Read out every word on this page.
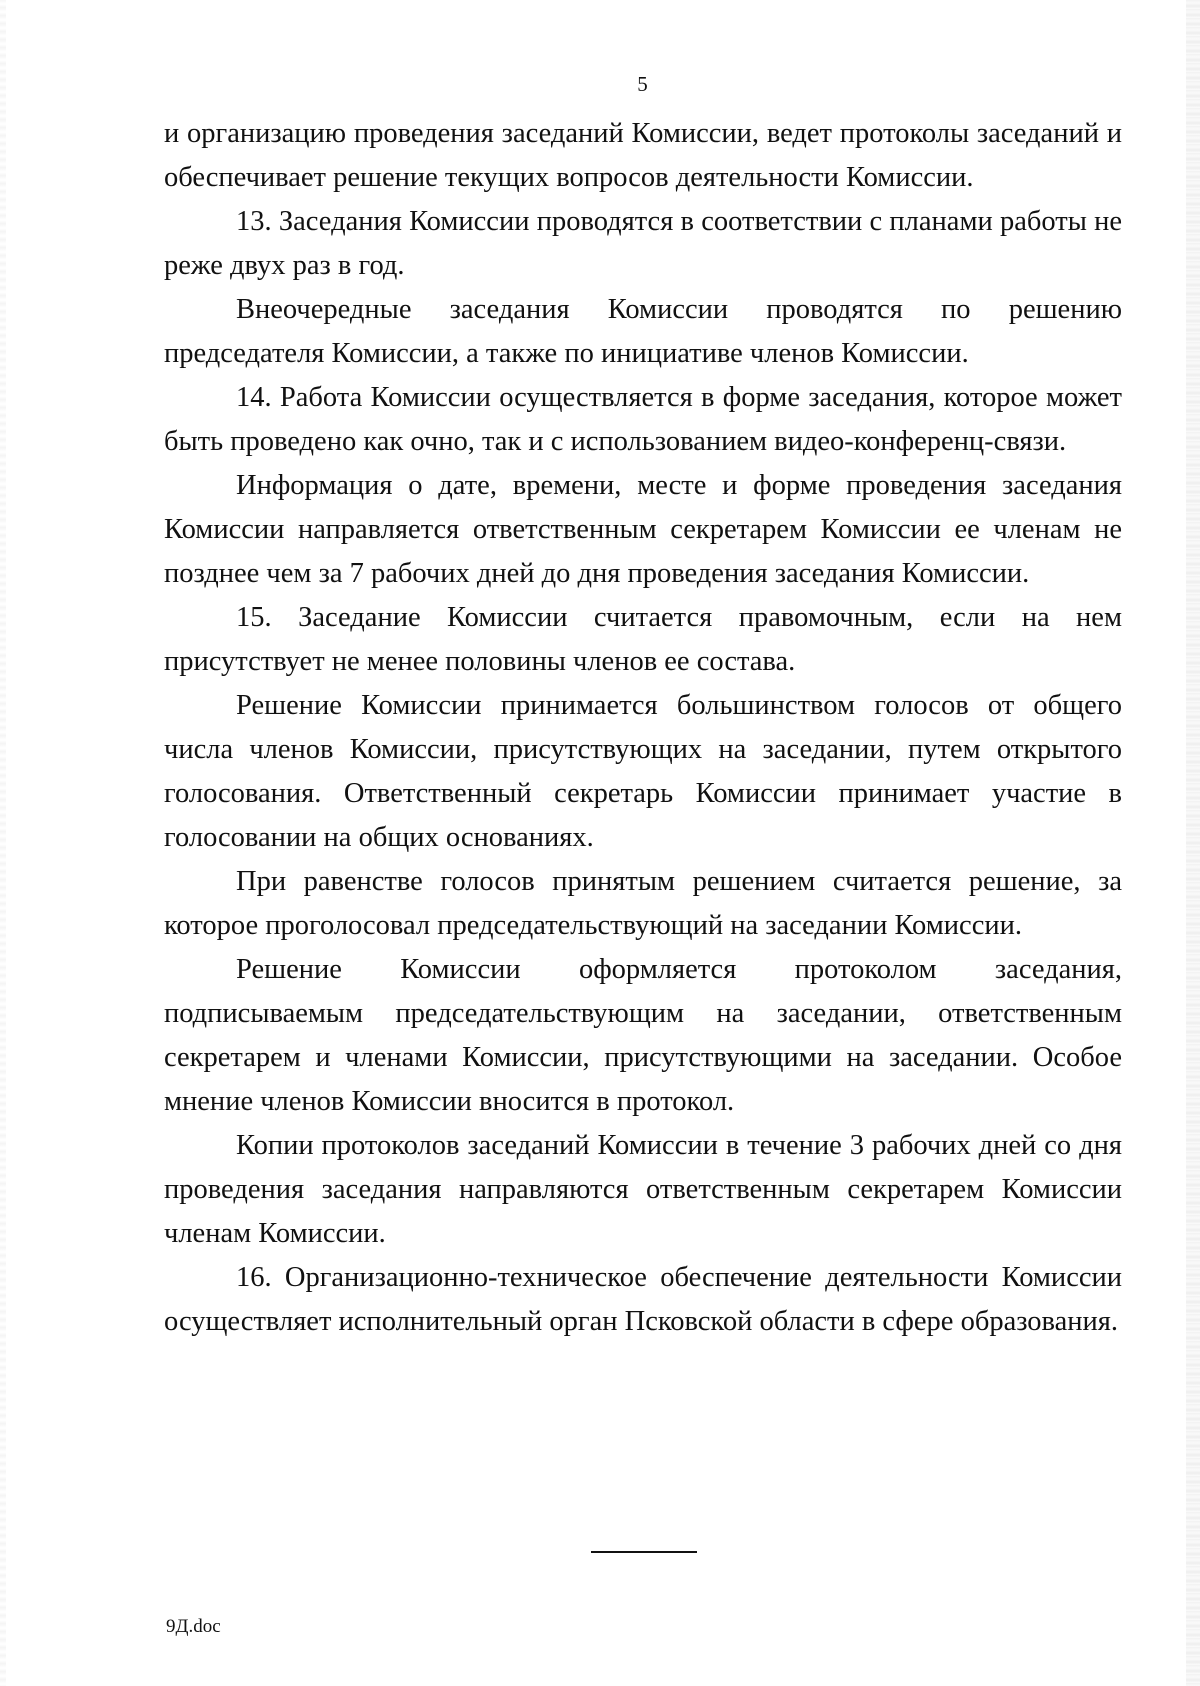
5

и организацию проведения заседаний Комиссии, ведет протоколы заседаний и обеспечивает решение текущих вопросов деятельности Комиссии.

13. Заседания Комиссии проводятся в соответствии с планами работы не реже двух раз в год.

Внеочередные заседания Комиссии проводятся по решению председателя Комиссии, а также по инициативе членов Комиссии.

14. Работа Комиссии осуществляется в форме заседания, которое может быть проведено как очно, так и с использованием видео-конференц-связи.

Информация о дате, времени, месте и форме проведения заседания Комиссии направляется ответственным секретарем Комиссии ее членам не позднее чем за 7 рабочих дней до дня проведения заседания Комиссии.

15. Заседание Комиссии считается правомочным, если на нем присутствует не менее половины членов ее состава.

Решение Комиссии принимается большинством голосов от общего числа членов Комиссии, присутствующих на заседании, путем открытого голосования. Ответственный секретарь Комиссии принимает участие в голосовании на общих основаниях.

При равенстве голосов принятым решением считается решение, за которое проголосовал председательствующий на заседании Комиссии.

Решение Комиссии оформляется протоколом заседания, подписываемым председательствующим на заседании, ответственным секретарем и членами Комиссии, присутствующими на заседании. Особое мнение членов Комиссии вносится в протокол.

Копии протоколов заседаний Комиссии в течение 3 рабочих дней со дня проведения заседания направляются ответственным секретарем Комиссии членам Комиссии.

16. Организационно-техническое обеспечение деятельности Комиссии осуществляет исполнительный орган Псковской области в сфере образования.

9Д.doc
